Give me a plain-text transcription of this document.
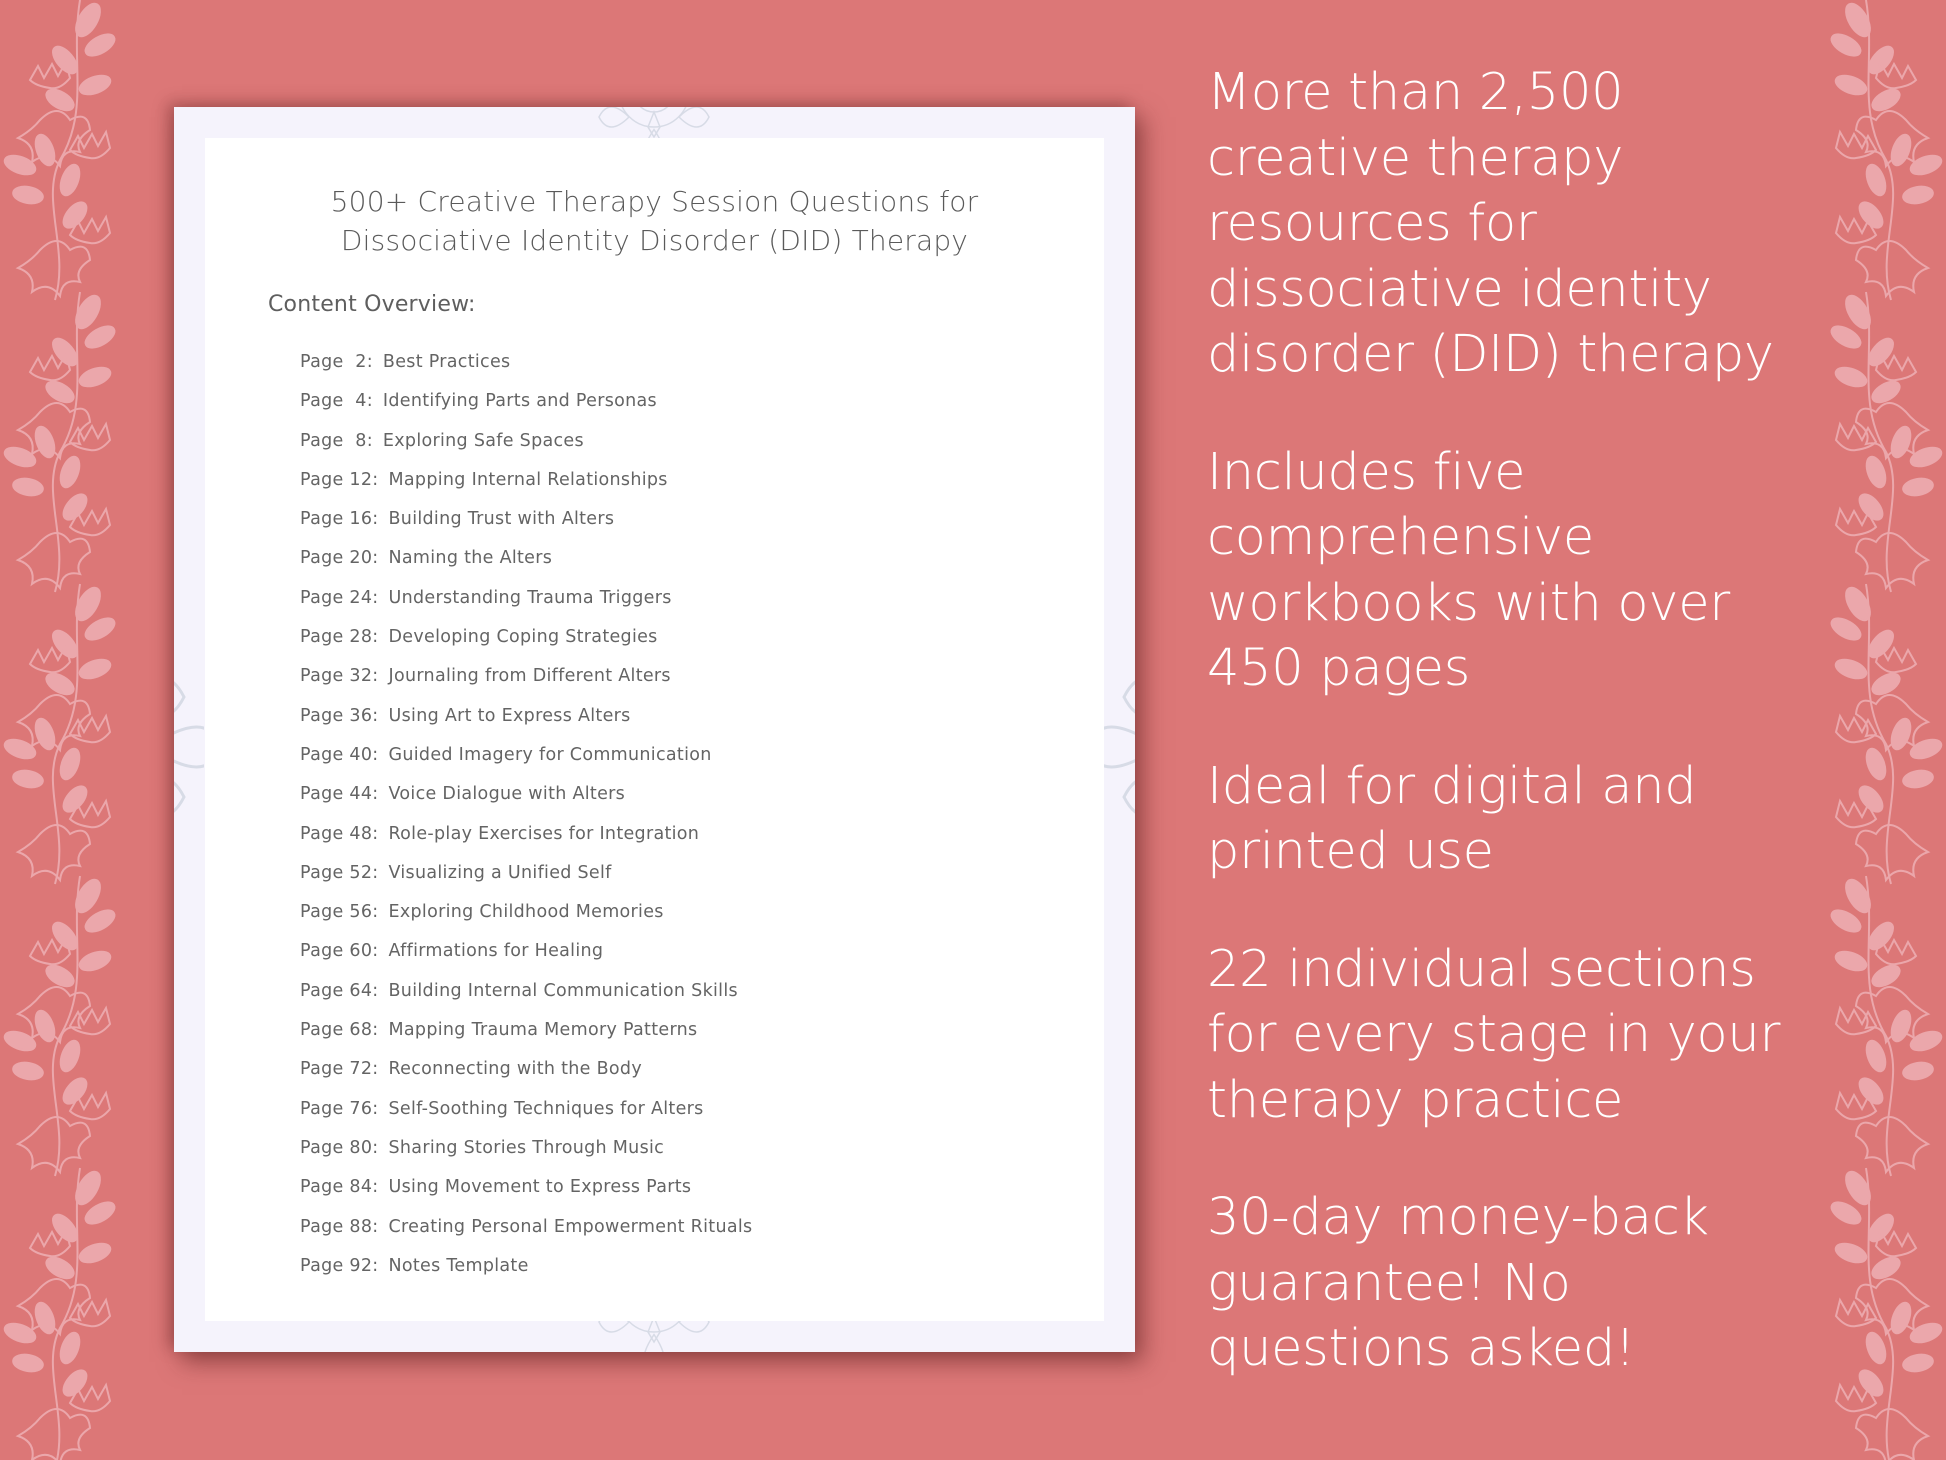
500+ Creative Therapy Session Questions for
Dissociative Identity Disorder (DID) Therapy
Content Overview:
Page  2: Best Practices
Page  4: Identifying Parts and Personas
Page  8: Exploring Safe Spaces
Page 12: Mapping Internal Relationships
Page 16: Building Trust with Alters
Page 20: Naming the Alters
Page 24: Understanding Trauma Triggers
Page 28: Developing Coping Strategies
Page 32: Journaling from Different Alters
Page 36: Using Art to Express Alters
Page 40: Guided Imagery for Communication
Page 44: Voice Dialogue with Alters
Page 48: Role-play Exercises for Integration
Page 52: Visualizing a Unified Self
Page 56: Exploring Childhood Memories
Page 60: Affirmations for Healing
Page 64: Building Internal Communication Skills
Page 68: Mapping Trauma Memory Patterns
Page 72: Reconnecting with the Body
Page 76: Self-Soothing Techniques for Alters
Page 80: Sharing Stories Through Music
Page 84: Using Movement to Express Parts
Page 88: Creating Personal Empowerment Rituals
Page 92: Notes Template
More than 2,500
creative therapy
resources for
dissociative identity
disorder (DID) therapy
Includes five
comprehensive
workbooks with over
450 pages
Ideal for digital and
printed use
22 individual sections
for every stage in your
therapy practice
30-day money-back
guarantee! No
questions asked!
